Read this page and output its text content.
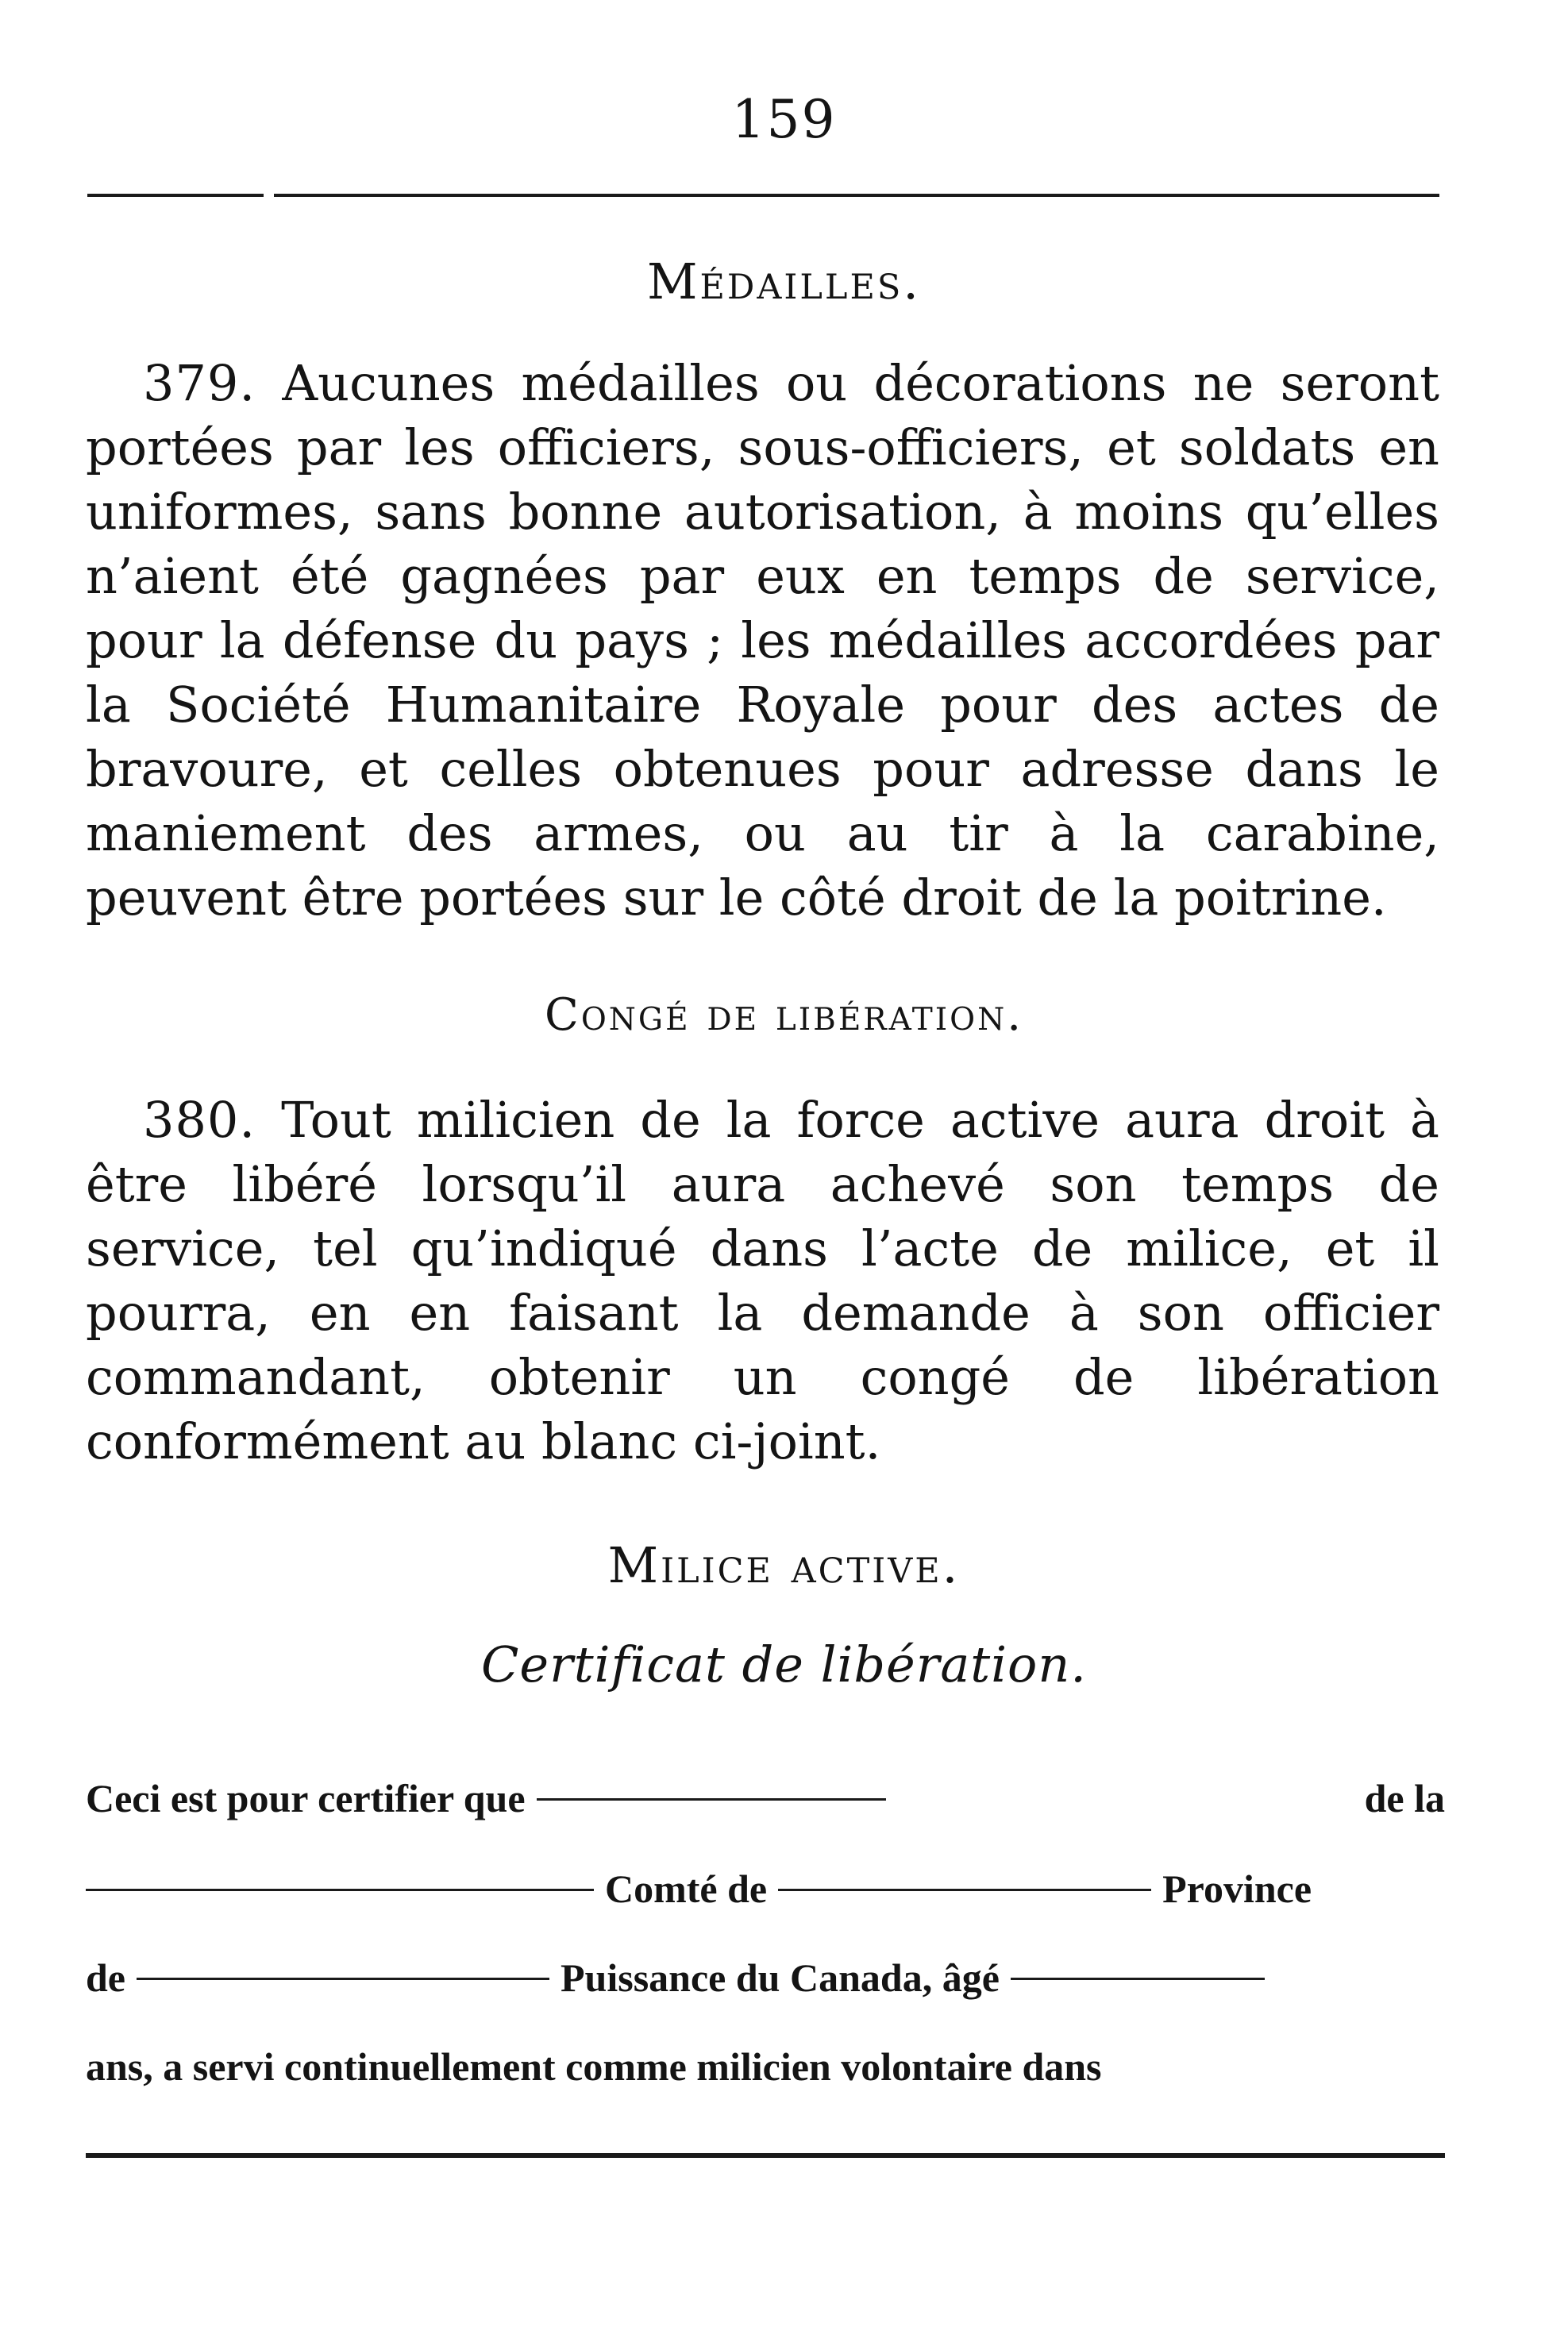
159
Médailles.

379. Aucunes médailles ou décorations ne seront portées par les officiers, sous-officiers, et soldats en uniformes, sans bonne autorisation, à moins qu’elles n’aient été gagnées par eux en temps de service, pour la défense du pays ; les médailles accordées par la Société Humanitaire Royale pour des actes de bravoure, et celles obtenues pour adresse dans le maniement des armes, ou au tir à la carabine, peuvent être portées sur le côté droit de la poitrine.

Congé de libération.

380. Tout milicien de la force active aura droit à être libéré lorsqu’il aura achevé son temps de service, tel qu’indiqué dans l’acte de milice, et il pourra, en en faisant la demande à son officier commandant, obtenir un congé de libération conformément au blanc ci-joint.

Milice active.
Certificat de libération.
Ceci est pour certifier que	de la
Comté de	Province
de	Puissance du Canada, âgé
ans, a servi continuellement comme milicien volontaire dans
